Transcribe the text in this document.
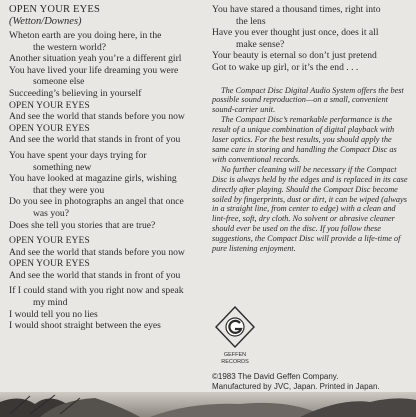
OPEN YOUR EYES
(Wetton/Downes)
Wheton earth are you doing here, in the
the western world?
Another situation yeah you’re a different girl
You have lived your life dreaming you were
someone else
Succeeding’s believing in yourself
OPEN YOUR EYES
And see the world that stands before you now
OPEN YOUR EYES
And see the world that stands in front of you
You have spent your days trying for
something new
You have looked at magazine girls, wishing
that they were you
Do you see in photographs an angel that once
was you?
Does she tell you stories that are true?
OPEN YOUR EYES
And see the world that stands before you now
OPEN YOUR EYES
And see the world that stands in front of you
If I could stand with you right now and speak
my mind
I would tell you no lies
I would shoot straight between the eyes
You have stared a thousand times, right into
the lens
Have you ever thought just once, does it all
make sense?
Your beauty is eternal so don’t just pretend
Got to wake up girl, or it’s the end . . .

The Compact Disc Digital Audio System offers the best possible sound reproduction—on a small, convenient sound-carrier unit.

The Compact Disc’s remarkable performance is the result of a unique combination of digital playback with laser optics. For the best results, you should apply the same care in storing and handling the Compact Disc as with conventional records.

No further cleaning will be necessary if the Compact Disc is always held by the edges and is replaced in its case directly after playing. Should the Compact Disc become soiled by fingerprints, dust or dirt, it can be wiped (always in a straight line, from center to edge) with a clean and lint-free, soft, dry cloth. No solvent or abrasive cleaner should ever be used on the disc. If you follow these suggestions, the Compact Disc will provide a life-time of pure listening enjoyment.

GEFFEN
RECORDS
©1983 The David Geffen Company.
Manufactured by JVC, Japan. Printed in Japan.
